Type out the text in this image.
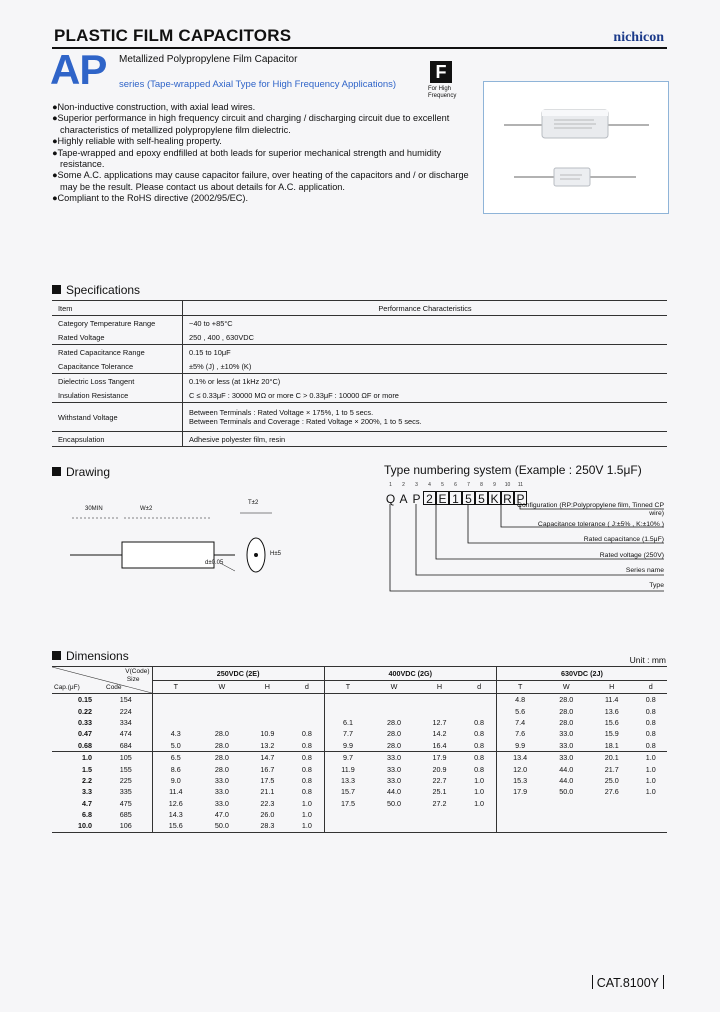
PLASTIC FILM CAPACITORS	nichicon
AP Metallized Polypropylene Film Capacitor
series (Tape-wrapped Axial Type for High Frequency Applications)
F
For High Frequency
●Non-inductive construction, with axial lead wires.
●Superior performance in high frequency circuit and charging / discharging circuit due to excellent characteristics of metallized polypropylene film dielectric.
●Highly reliable with self-healing property.
●Tape-wrapped and epoxy endfilled at both leads for superior mechanical strength and humidity resistance.
●Some A.C. applications may cause capacitor failure, over heating of the capacitors and / or discharge may be the result. Please contact us about details for A.C. application.
●Compliant to the RoHS directive (2002/95/EC).
Specifications
Item	Performance Characteristics
Category Temperature Range	−40 to +85°C
Rated Voltage	250 , 400 , 630VDC
Rated Capacitance Range	0.15 to 10μF
Capacitance Tolerance	±5% (J) , ±10% (K)
Dielectric Loss Tangent	0.1% or less (at 1kHz 20°C)
Insulation Resistance	C ≤ 0.33μF : 30000 MΩ or more C > 0.33μF : 10000 ΩF or more
Withstand Voltage	Between Terminals : Rated Voltage × 175%, 1 to 5 secs.
Between Terminals and Coverage : Rated Voltage × 200%, 1 to 5 secs.

Encapsulation	Adhesive polyester film, resin
Drawing
30MIN	W±2
T±2
H±5
d±0.05
Type numbering system (Example : 250V 1.5μF)
1 2 3 4 5 6 7 8 9 10 11
Q A P 2 E 1 5 5 K R P
Configuration (RP:Polypropylene film, Tinned CP wire)
Capacitance tolerance ( J:±5% , K:±10% )
Rated capacitance (1.5μF)
Rated voltage (250V)
Series name
Type
Dimensions	Unit : mm
V(Code)
Size
Cap.(μF) Code		250VDC (2E)				400VDC (2G)				630VDC (2J)			
		T	W	H	d	T	W	H	d	T	W	H	d
0.15	154									4.8	28.0	11.4	0.8
0.22	224									5.6	28.0	13.6	0.8
0.33	334					6.1	28.0	12.7	0.8	7.4	28.0	15.6	0.8
0.47	474	4.3	28.0	10.9	0.8	7.7	28.0	14.2	0.8	7.6	33.0	15.9	0.8
0.68	684	5.0	28.0	13.2	0.8	9.9	28.0	16.4	0.8	9.9	33.0	18.1	0.8
1.0	105	6.5	28.0	14.7	0.8	9.7	33.0	17.9	0.8	13.4	33.0	20.1	1.0
1.5	155	8.6	28.0	16.7	0.8	11.9	33.0	20.9	0.8	12.0	44.0	21.7	1.0
2.2	225	9.0	33.0	17.5	0.8	13.3	33.0	22.7	1.0	15.3	44.0	25.0	1.0
3.3	335	11.4	33.0	21.1	0.8	15.7	44.0	25.1	1.0	17.9	50.0	27.6	1.0
4.7	475	12.6	33.0	22.3	1.0	17.5	50.0	27.2	1.0				
6.8	685	14.3	47.0	26.0	1.0								
10.0	106	15.6	50.0	28.3	1.0								
CAT.8100Y
